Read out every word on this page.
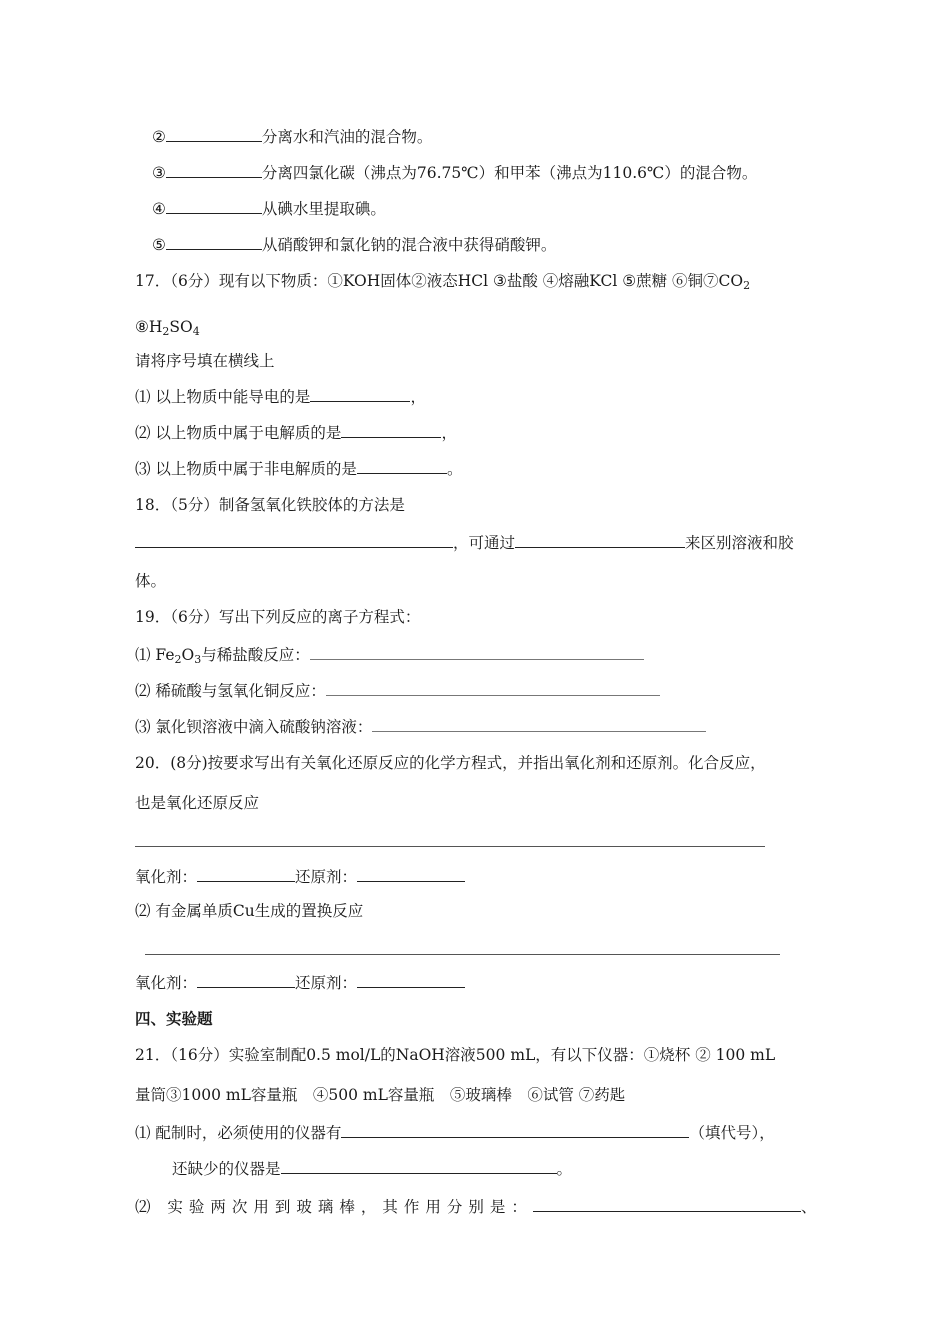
②	分离水和汽油的混合物。
③	分离四氯化碳（沸点为76.75℃）和甲苯（沸点为110.6℃）的混合物。
④	从碘水里提取碘。
⑤	从硝酸钾和氯化钠的混合液中获得硝酸钾。
17．（6分）现有以下物质：①KOH固体②液态HCl ③盐酸 ④熔融KCl ⑤蔗糖 ⑥铜$⑦CO_2$
$⑧H_2SO_4$
请将序号填在横线上
⑴ 以上物质中能导电的是	，
⑵ 以上物质中属于电解质的是	，
⑶ 以上物质中属于非电解质的是	。
18．（5分）制备氢氧化铁胶体的方法是
，可通过	来区别溶液和胶
体。
19．（6分）写出下列反应的离子方程式：
⑴ $Fe_2O_3$与稀盐酸反应：
⑵ 稀硫酸与氢氧化铜反应：
⑶ 氯化钡溶液中滴入硫酸钠溶液：
20．(8分)按要求写出有关氧化还原反应的化学方程式，并指出氧化剂和还原剂。化合反应，
也是氧化还原反应
氧化剂：	还原剂：
⑵ 有金属单质Cu生成的置换反应
氧化剂：	还原剂：
四、实验题
21．（16分）实验室制配0.5 mol/L的NaOH溶液500 mL，有以下仪器：①烧杯 ② 100 mL
量筒③1000 mL容量瓶　④500 mL容量瓶　⑤玻璃棒　⑥试管 ⑦药匙
⑴ 配制时，必须使用的仪器有	（填代号），
还缺少的仪器是	。
⑵ 实验两次用到玻璃棒，其作用分别是：	、
